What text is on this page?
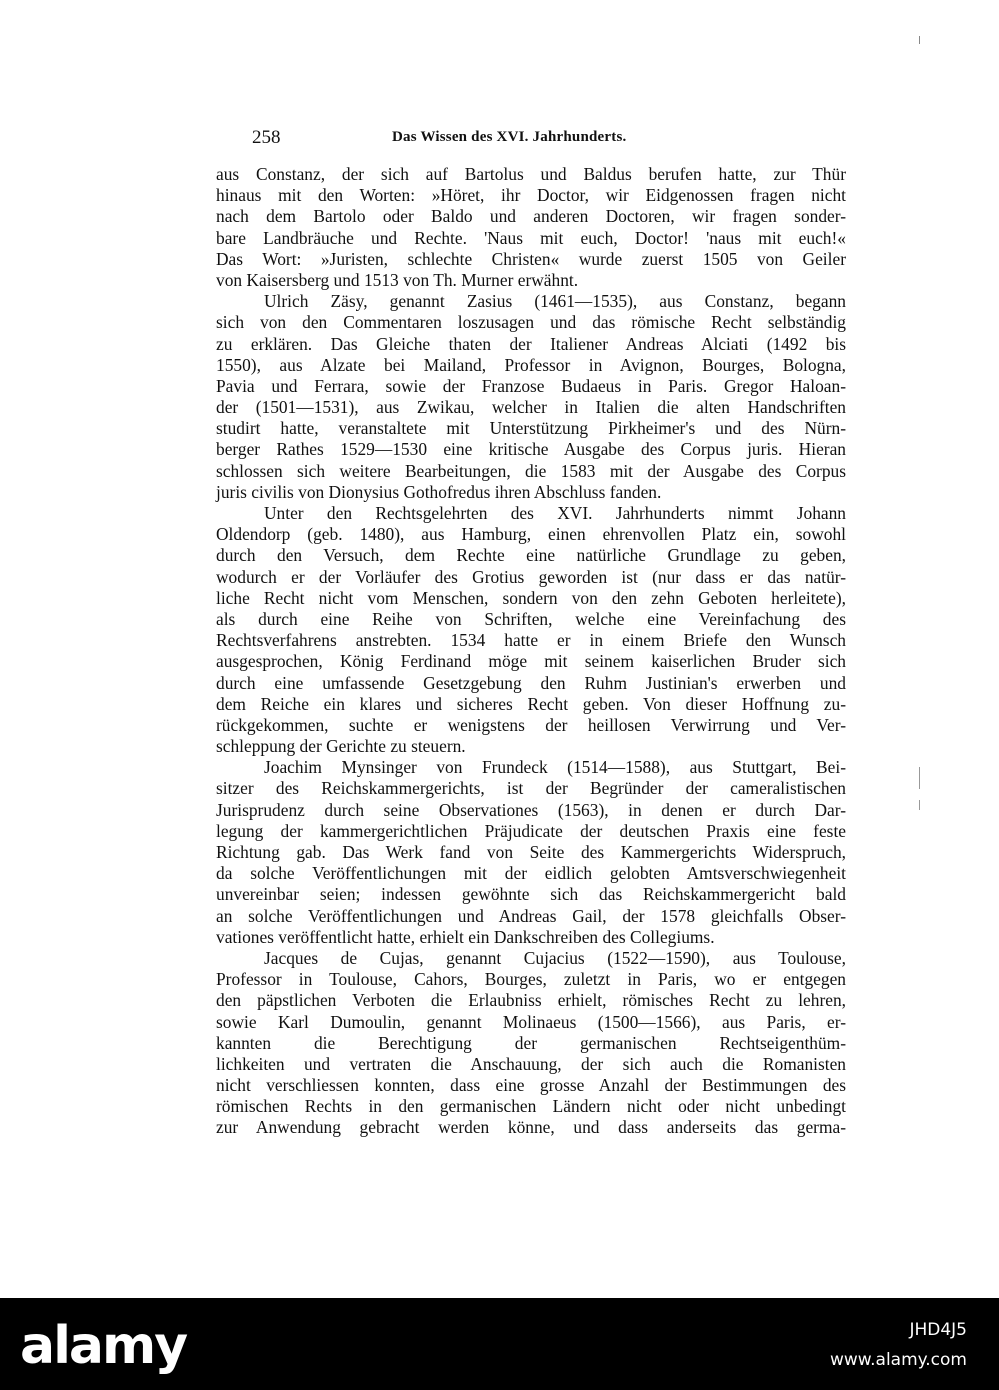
258	Das Wissen des XVI. Jahrhunderts.
aus Constanz, der sich auf Bartolus und Baldus berufen hatte, zur Thür
hinaus mit den Worten: »Höret, ihr Doctor, wir Eidgenossen fragen nicht
nach dem Bartolo oder Baldo und anderen Doctoren, wir fragen sonder-
bare Landbräuche und Rechte. 'Naus mit euch, Doctor! 'naus mit euch!«
Das Wort: »Juristen, schlechte Christen« wurde zuerst 1505 von Geiler
von Kaisersberg und 1513 von Th. Murner erwähnt.
Ulrich Zäsy, genannt Zasius (1461—1535), aus Constanz, begann
sich von den Commentaren loszusagen und das römische Recht selbständig
zu erklären. Das Gleiche thaten der Italiener Andreas Alciati (1492 bis
1550), aus Alzate bei Mailand, Professor in Avignon, Bourges, Bologna,
Pavia und Ferrara, sowie der Franzose Budaeus in Paris. Gregor Haloan-
der (1501—1531), aus Zwikau, welcher in Italien die alten Handschriften
studirt hatte, veranstaltete mit Unterstützung Pirkheimer's und des Nürn-
berger Rathes 1529—1530 eine kritische Ausgabe des Corpus juris. Hieran
schlossen sich weitere Bearbeitungen, die 1583 mit der Ausgabe des Corpus
juris civilis von Dionysius Gothofredus ihren Abschluss fanden.
Unter den Rechtsgelehrten des XVI. Jahrhunderts nimmt Johann
Oldendorp (geb. 1480), aus Hamburg, einen ehrenvollen Platz ein, sowohl
durch den Versuch, dem Rechte eine natürliche Grundlage zu geben,
wodurch er der Vorläufer des Grotius geworden ist (nur dass er das natür-
liche Recht nicht vom Menschen, sondern von den zehn Geboten herleitete),
als durch eine Reihe von Schriften, welche eine Vereinfachung des
Rechtsverfahrens anstrebten. 1534 hatte er in einem Briefe den Wunsch
ausgesprochen, König Ferdinand möge mit seinem kaiserlichen Bruder sich
durch eine umfassende Gesetzgebung den Ruhm Justinian's erwerben und
dem Reiche ein klares und sicheres Recht geben. Von dieser Hoffnung zu-
rückgekommen, suchte er wenigstens der heillosen Verwirrung und Ver-
schleppung der Gerichte zu steuern.
Joachim Mynsinger von Frundeck (1514—1588), aus Stuttgart, Bei-
sitzer des Reichskammergerichts, ist der Begründer der cameralistischen
Jurisprudenz durch seine Observationes (1563), in denen er durch Dar-
legung der kammergerichtlichen Präjudicate der deutschen Praxis eine feste
Richtung gab. Das Werk fand von Seite des Kammergerichts Widerspruch,
da solche Veröffentlichungen mit der eidlich gelobten Amtsverschwiegenheit
unvereinbar seien; indessen gewöhnte sich das Reichskammergericht bald
an solche Veröffentlichungen und Andreas Gail, der 1578 gleichfalls Obser-
vationes veröffentlicht hatte, erhielt ein Dankschreiben des Collegiums.
Jacques de Cujas, genannt Cujacius (1522—1590), aus Toulouse,
Professor in Toulouse, Cahors, Bourges, zuletzt in Paris, wo er entgegen
den päpstlichen Verboten die Erlaubniss erhielt, römisches Recht zu lehren,
sowie Karl Dumoulin, genannt Molinaeus (1500—1566), aus Paris, er-
kannten die Berechtigung der germanischen Rechtseigenthüm-
lichkeiten und vertraten die Anschauung, der sich auch die Romanisten
nicht verschliessen konnten, dass eine grosse Anzahl der Bestimmungen des
römischen Rechts in den germanischen Ländern nicht oder nicht unbedingt
zur Anwendung gebracht werden könne, und dass anderseits das germa-
alamy	JHD4J5
www.alamy.com
